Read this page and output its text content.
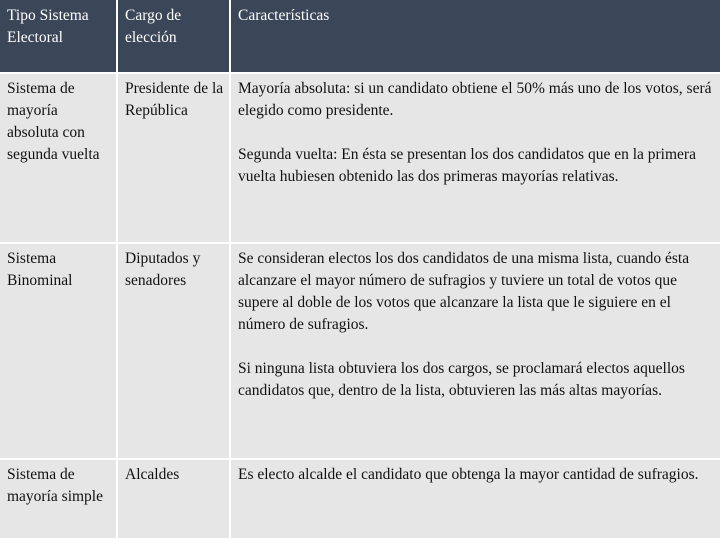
Tipo Sistema Electoral
Cargo de elección
Características
Sistema de mayoría absoluta con segunda vuelta
Presidente de la República

Mayoría absoluta: si un candidato obtiene el 50% más uno de los votos, será elegido como presidente.

Segunda vuelta: En ésta se presentan los dos candidatos que en la primera vuelta hubiesen obtenido las dos primeras mayorías relativas.

Sistema Binominal
Diputados y senadores

Se consideran electos los dos candidatos de una misma lista, cuando ésta alcanzare el mayor número de sufragios y tuviere un total de votos que supere al doble de los votos que alcanzare la lista que le siguiere en el número de sufragios.

Si ninguna lista obtuviera los dos cargos, se proclamará electos aquellos candidatos que, dentro de la lista, obtuvieren las más altas mayorías.

Sistema de mayoría simple
Alcaldes	Es electo alcalde el candidato que obtenga la mayor cantidad de sufragios.
